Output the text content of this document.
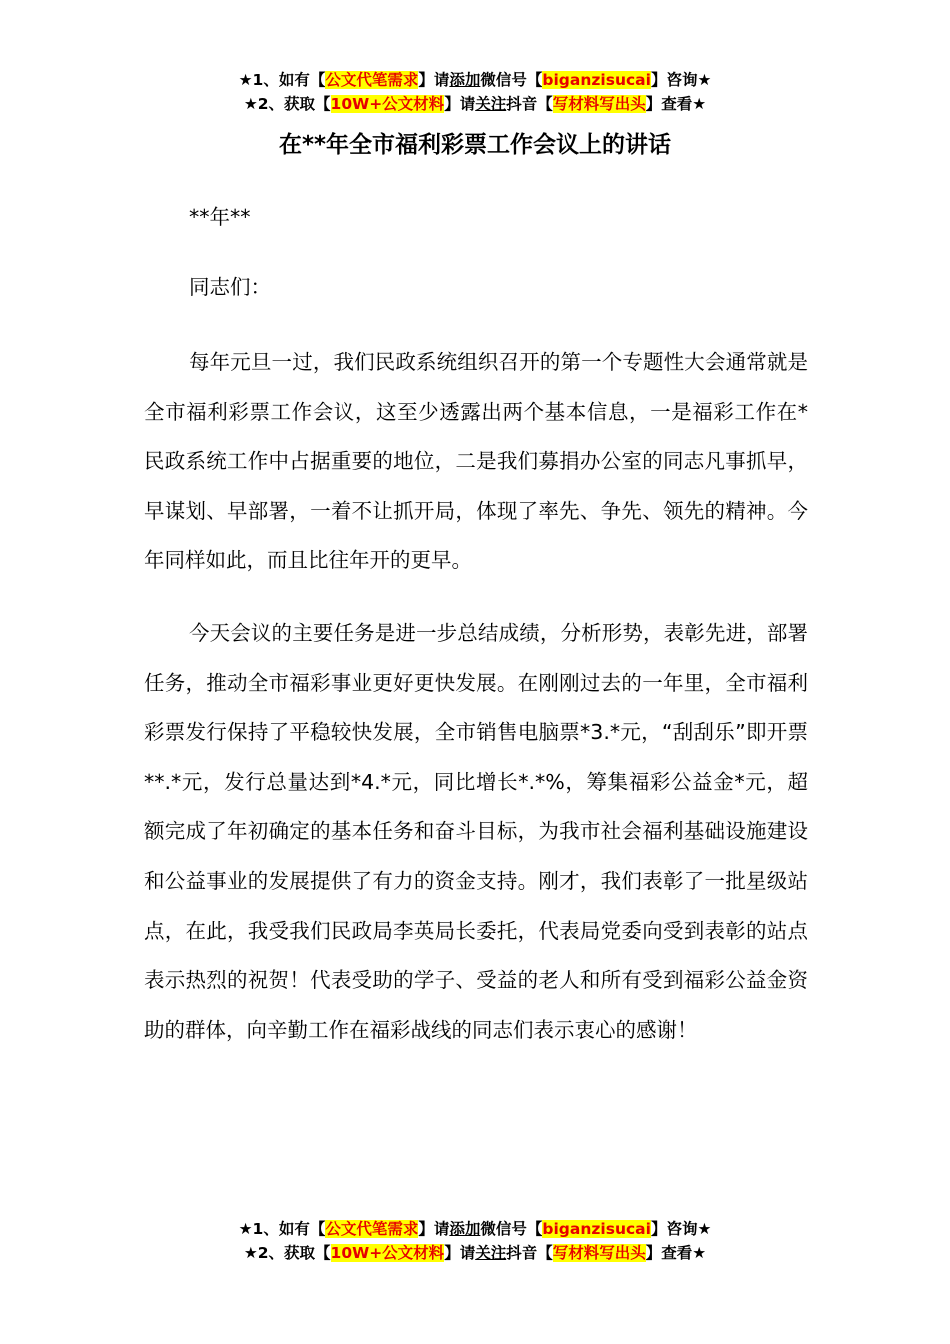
★1、如有【公文代笔需求】请添加微信号【biganzisucai】咨询★
★2、获取【10W+公文材料】请关注抖音【写材料写出头】查看★
在**年全市福利彩票工作会议上的讲话
**年**
同志们：

每年元旦一过，我们民政系统组织召开的第一个专题性大会通常就是全市福利彩票工作会议，这至少透露出两个基本信息，一是福彩工作在*民政系统工作中占据重要的地位，二是我们募捐办公室的同志凡事抓早，早谋划、早部署，一着不让抓开局，体现了率先、争先、领先的精神。今年同样如此，而且比往年开的更早。

今天会议的主要任务是进一步总结成绩，分析形势，表彰先进，部署任务，推动全市福彩事业更好更快发展。在刚刚过去的一年里，全市福利彩票发行保持了平稳较快发展，全市销售电脑票*3.*元，“刮刮乐”即开票**.*元，发行总量达到*4.*元，同比增长*.*%，筹集福彩公益金*元，超额完成了年初确定的基本任务和奋斗目标，为我市社会福利基础设施建设和公益事业的发展提供了有力的资金支持。刚才，我们表彰了一批星级站点，在此，我受我们民政局李英局长委托，代表局党委向受到表彰的站点表示热烈的祝贺！代表受助的学子、受益的老人和所有受到福彩公益金资助的群体，向辛勤工作在福彩战线的同志们表示衷心的感谢！

★1、如有【公文代笔需求】请添加微信号【biganzisucai】咨询★
★2、获取【10W+公文材料】请关注抖音【写材料写出头】查看★
